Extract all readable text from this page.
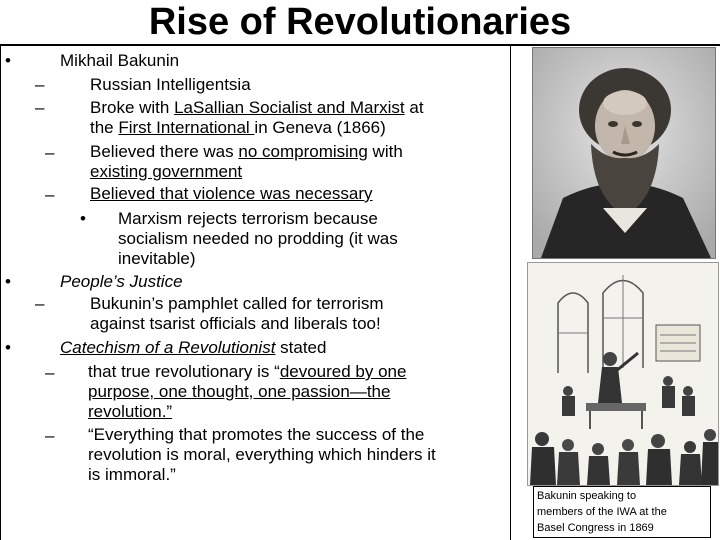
Rise of Revolutionaries
•	Mikhail Bakunin
–	Russian Intelligentsia
–	Broke with LaSallian Socialist and Marxist at
the First International in Geneva (1866)
– Believed there was no compromising with
existing government
– Believed that violence was necessary
• Marxism rejects terrorism because
socialism needed no prodding (it was
inevitable)
•	People’s Justice
–	Bukunin’s pamphlet called for terrorism
against tsarist officials and liberals too!
•	Catechism of a Revolutionist stated
– that true revolutionary is “devoured by one
purpose, one thought, one passion—the
revolution.”
– “Everything that promotes the success of the
revolution is moral, everything which hinders it
is immoral.”
Bakunin speaking to
members of the IWA at the
Basel Congress in 1869
